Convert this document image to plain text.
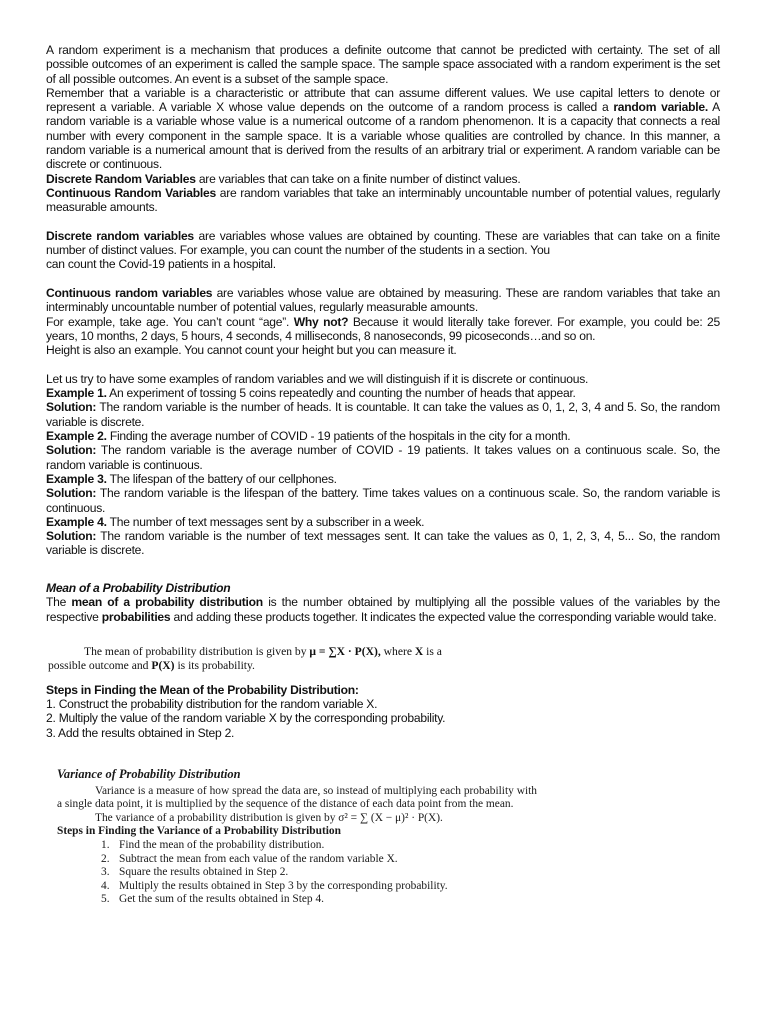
A random experiment is a mechanism that produces a definite outcome that cannot be predicted with certainty. The set of all possible outcomes of an experiment is called the sample space. The sample space associated with a random experiment is the set of all possible outcomes. An event is a subset of the sample space.

Remember that a variable is a characteristic or attribute that can assume different values. We use capital letters to denote or represent a variable. A variable X whose value depends on the outcome of a random process is called a random variable. A random variable is a variable whose value is a numerical outcome of a random phenomenon. It is a capacity that connects a real number with every component in the sample space. It is a variable whose qualities are controlled by chance. In this manner, a random variable is a numerical amount that is derived from the results of an arbitrary trial or experiment. A random variable can be discrete or continuous.

Discrete Random Variables are variables that can take on a finite number of distinct values.

Continuous Random Variables are random variables that take an interminably uncountable number of potential values, regularly measurable amounts.

Discrete random variables are variables whose values are obtained by counting. These are variables that can take on a finite number of distinct values. For example, you can count the number of the students in a section. You

can count the Covid-19 patients in a hospital.

Continuous random variables are variables whose value are obtained by measuring. These are random variables that take an interminably uncountable number of potential values, regularly measurable amounts.

For example, take age. You can’t count “age”. Why not? Because it would literally take forever. For example, you could be: 25 years, 10 months, 2 days, 5 hours, 4 seconds, 4 milliseconds, 8 nanoseconds, 99 picoseconds…and so on.

Height is also an example. You cannot count your height but you can measure it.

Let us try to have some examples of random variables and we will distinguish if it is discrete or continuous.

Example 1. An experiment of tossing 5 coins repeatedly and counting the number of heads that appear.

Solution: The random variable is the number of heads. It is countable. It can take the values as 0, 1, 2, 3, 4 and 5. So, the random variable is discrete.

Example 2. Finding the average number of COVID - 19 patients of the hospitals in the city for a month.

Solution: The random variable is the average number of COVID - 19 patients. It takes values on a continuous scale. So, the random variable is continuous.

Example 3. The lifespan of the battery of our cellphones.

Solution: The random variable is the lifespan of the battery. Time takes values on a continuous scale. So, the random variable is continuous.

Example 4. The number of text messages sent by a subscriber in a week.

Solution: The random variable is the number of text messages sent. It can take the values as 0, 1, 2, 3, 4, 5... So, the random variable is discrete.

Mean of a Probability Distribution

The mean of a probability distribution is the number obtained by multiplying all the possible values of the variables by the respective probabilities and adding these products together. It indicates the expected value the corresponding variable would take.

Steps in Finding the Mean of the Probability Distribution:

1. Construct the probability distribution for the random variable X.

2. Multiply the value of the random variable X by the corresponding probability.

3. Add the results obtained in Step 2.

The mean of probability distribution is given by μ = ∑X · P(X), where X is a

possible outcome and P(X) is its probability.

Variance of Probability Distribution

Variance is a measure of how spread the data are, so instead of multiplying each probability with a single data point, it is multiplied by the sequence of the distance of each data point from the mean.

The variance of a probability distribution is given by σ² = ∑ (X − μ)² · P(X).

Steps in Finding the Variance of a Probability Distribution

1. Find the mean of the probability distribution.
2. Subtract the mean from each value of the random variable X.
3. Square the results obtained in Step 2.
4. Multiply the results obtained in Step 3 by the corresponding probability.
5. Get the sum of the results obtained in Step 4.
